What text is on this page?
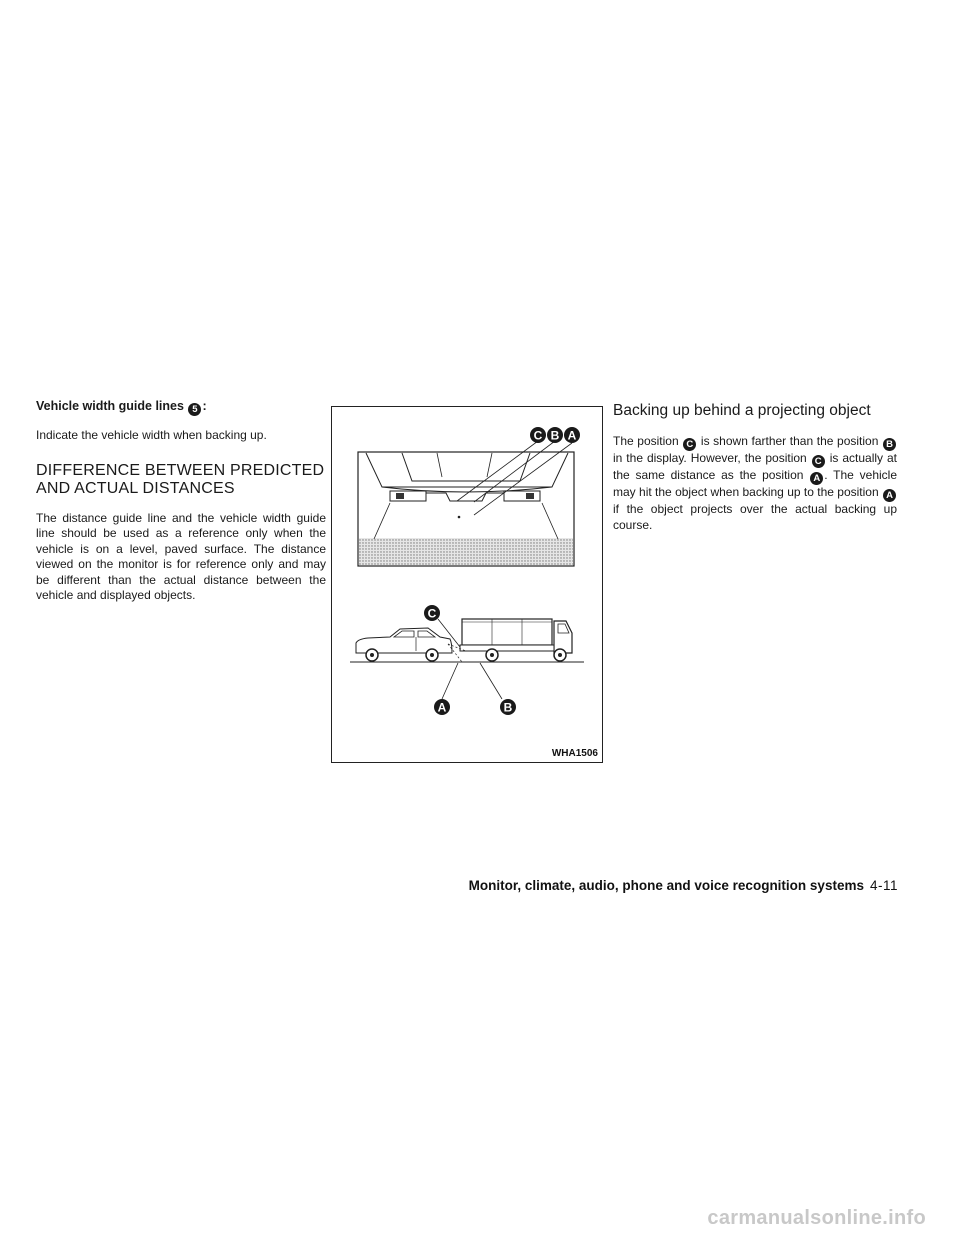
Vehicle width guide lines 5 :

Indicate the vehicle width when backing up.

DIFFERENCE BETWEEN PREDICTED AND ACTUAL DISTANCES

The distance guide line and the vehicle width guide line should be used as a reference only when the vehicle is on a level, paved surface. The distance viewed on the monitor is for reference only and may be different than the actual distance between the vehicle and displayed objects.

C B A
C
A	B
WHA1506
Backing up behind a projecting object

The position C is shown farther than the position B in the display. However, the position C is actually at the same distance as the position A . The vehicle may hit the object when backing up to the position A if the object projects over the actual backing up course.

Monitor, climate, audio, phone and voice recognition systems 4-11
carmanualsonline.info
